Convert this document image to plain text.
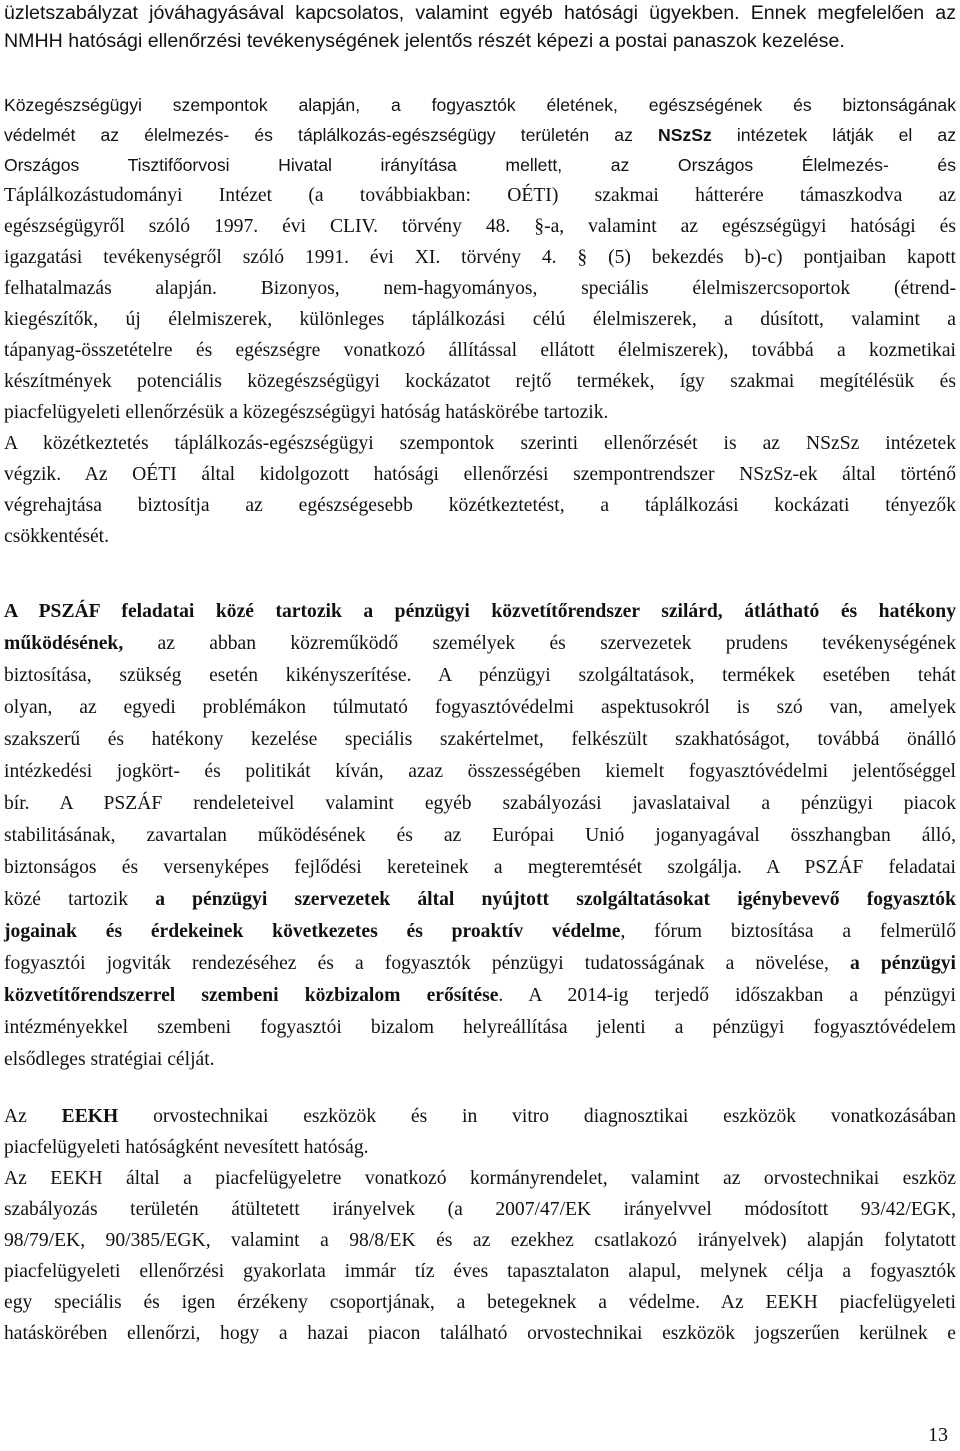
üzletszabályzat jóváhagyásával kapcsolatos, valamint egyéb hatósági ügyekben. Ennek megfelelően az
NMHH hatósági ellenőrzési tevékenységének jelentős részét képezi a postai panaszok kezelése.
Közegészségügyi szempontok alapján, a fogyasztók életének, egészségének és biztonságának
védelmét az élelmezés- és táplálkozás-egészségügy területén az NSzSz intézetek látják el az
Országos Tisztifőorvosi Hivatal irányítása mellett, az Országos Élelmezés- és
Táplálkozástudományi Intézet (a továbbiakban: OÉTI) szakmai hátterére támaszkodva az
egészségügyről szóló 1997. évi CLIV. törvény 48. §-a, valamint az egészségügyi hatósági és
igazgatási tevékenységről szóló 1991. évi XI. törvény 4. § (5) bekezdés b)-c) pontjaiban kapott
felhatalmazás alapján. Bizonyos, nem-hagyományos, speciális élelmiszercsoportok (étrend-
kiegészítők, új élelmiszerek, különleges táplálkozási célú élelmiszerek, a dúsított, valamint a
tápanyag-összetételre és egészségre vonatkozó állítással ellátott élelmiszerek), továbbá a kozmetikai
készítmények potenciális közegészségügyi kockázatot rejtő termékek, így szakmai megítélésük és
piacfelügyeleti ellenőrzésük a közegészségügyi hatóság hatáskörébe tartozik.
A közétkeztetés táplálkozás-egészségügyi szempontok szerinti ellenőrzését is az NSzSz intézetek
végzik. Az OÉTI által kidolgozott hatósági ellenőrzési szempontrendszer NSzSz-ek által történő
végrehajtása biztosítja az egészségesebb közétkeztetést, a táplálkozási kockázati tényezők
csökkentését.
A PSZÁF feladatai közé tartozik a pénzügyi közvetítőrendszer szilárd, átlátható és hatékony
működésének, az abban közreműködő személyek és szervezetek prudens tevékenységének
biztosítása, szükség esetén kikényszerítése. A pénzügyi szolgáltatások, termékek esetében tehát
olyan, az egyedi problémákon túlmutató fogyasztóvédelmi aspektusokról is szó van, amelyek
szakszerű és hatékony kezelése speciális szakértelmet, felkészült szakhatóságot, továbbá önálló
intézkedési jogkört- és politikát kíván, azaz összességében kiemelt fogyasztóvédelmi jelentőséggel
bír. A PSZÁF rendeleteivel valamint egyéb szabályozási javaslataival a pénzügyi piacok
stabilitásának, zavartalan működésének és az Európai Unió joganyagával összhangban álló,
biztonságos és versenyképes fejlődési kereteinek a megteremtését szolgálja. A PSZÁF feladatai
közé tartozik a pénzügyi szervezetek által nyújtott szolgáltatásokat igénybevevő fogyasztók
jogainak és érdekeinek következetes és proaktív védelme, fórum biztosítása a felmerülő
fogyasztói jogviták rendezéséhez és a fogyasztók pénzügyi tudatosságának a növelése, a pénzügyi
közvetítőrendszerrel szembeni közbizalom erősítése. A 2014-ig terjedő időszakban a pénzügyi
intézményekkel szembeni fogyasztói bizalom helyreállítása jelenti a pénzügyi fogyasztóvédelem
elsődleges stratégiai célját.
Az EEKH orvostechnikai eszközök és in vitro diagnosztikai eszközök vonatkozásában
piacfelügyeleti hatóságként nevesített hatóság.
Az EEKH által a piacfelügyeletre vonatkozó kormányrendelet, valamint az orvostechnikai eszköz
szabályozás területén átültetett irányelvek (a 2007/47/EK irányelvvel módosított 93/42/EGK,
98/79/EK, 90/385/EGK, valamint a 98/8/EK és az ezekhez csatlakozó irányelvek) alapján folytatott
piacfelügyeleti ellenőrzési gyakorlata immár tíz éves tapasztalaton alapul, melynek célja a fogyasztók
egy speciális és igen érzékeny csoportjának, a betegeknek a védelme. Az EEKH piacfelügyeleti
hatáskörében ellenőrzi, hogy a hazai piacon található orvostechnikai eszközök jogszerűen kerülnek e
13
